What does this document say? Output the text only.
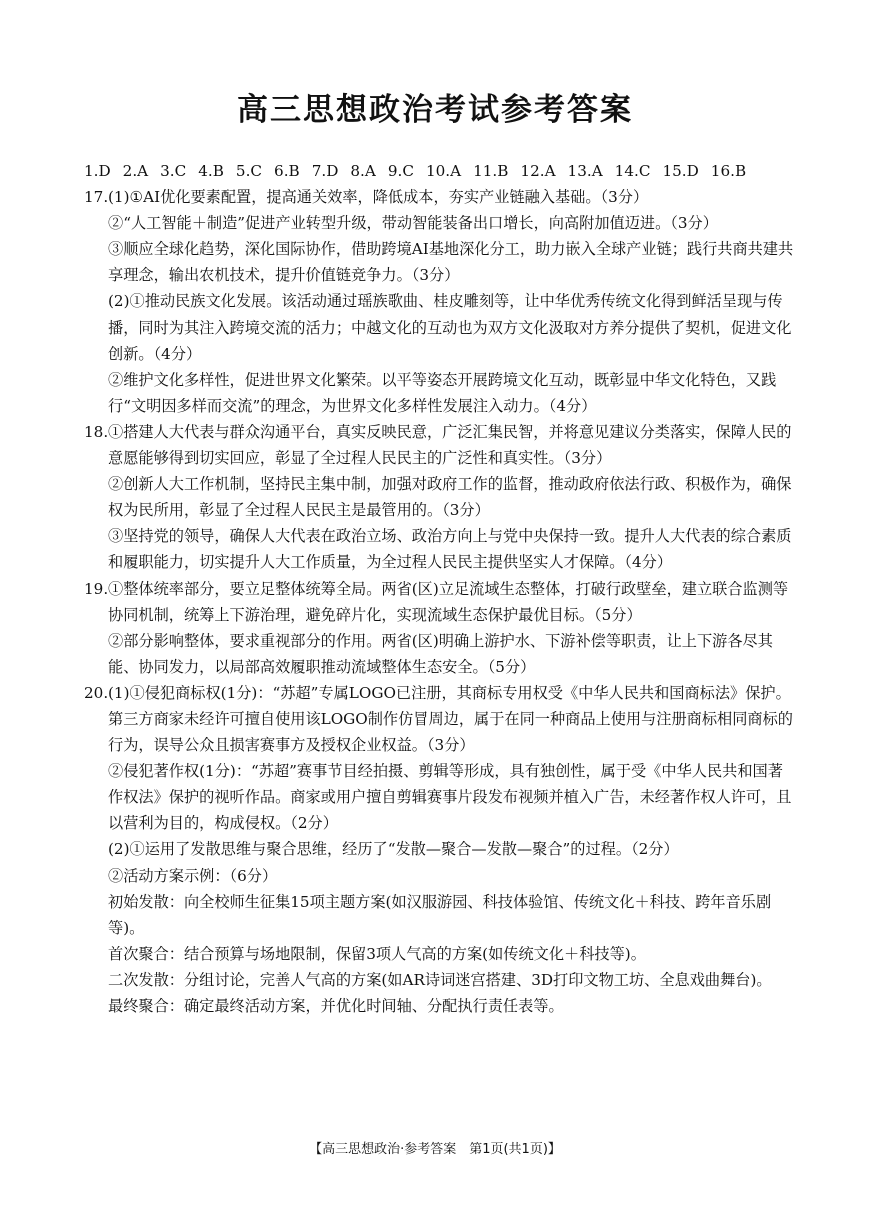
高三思想政治考试参考答案
1.D 2.A 3.C 4.B 5.C 6.B 7.D 8.A 9.C 10.A 11.B 12.A 13.A 14.C 15.D 16.B
17. (1)①AI优化要素配置，提高通关效率，降低成本，夯实产业链融入基础。（3分）
②“人工智能＋制造”促进产业转型升级，带动智能装备出口增长，向高附加值迈进。（3分）
③顺应全球化趋势，深化国际协作，借助跨境AI基地深化分工，助力嵌入全球产业链；践行共商共建共享理念，输出农机技术，提升价值链竞争力。（3分）
(2)①推动民族文化发展。该活动通过瑶族歌曲、桂皮雕刻等，让中华优秀传统文化得到鲜活呈现与传播，同时为其注入跨境交流的活力；中越文化的互动也为双方文化汲取对方养分提供了契机，促进文化创新。（4分）
②维护文化多样性，促进世界文化繁荣。以平等姿态开展跨境文化互动，既彰显中华文化特色，又践行“文明因多样而交流”的理念，为世界文化多样性发展注入动力。（4分）
18. ①搭建人大代表与群众沟通平台，真实反映民意，广泛汇集民智，并将意见建议分类落实，保障人民的意愿能够得到切实回应，彰显了全过程人民民主的广泛性和真实性。（3分）
②创新人大工作机制，坚持民主集中制，加强对政府工作的监督，推动政府依法行政、积极作为，确保权为民所用，彰显了全过程人民民主是最管用的。（3分）
③坚持党的领导，确保人大代表在政治立场、政治方向上与党中央保持一致。提升人大代表的综合素质和履职能力，切实提升人大工作质量，为全过程人民民主提供坚实人才保障。（4分）
19. ①整体统率部分，要立足整体统筹全局。两省(区)立足流域生态整体，打破行政壁垒，建立联合监测等协同机制，统筹上下游治理，避免碎片化，实现流域生态保护最优目标。（5分）
②部分影响整体，要求重视部分的作用。两省(区)明确上游护水、下游补偿等职责，让上下游各尽其能、协同发力，以局部高效履职推动流域整体生态安全。（5分）
20. (1)①侵犯商标权(1分)：“苏超”专属LOGO已注册，其商标专用权受《中华人民共和国商标法》保护。第三方商家未经许可擅自使用该LOGO制作仿冒周边，属于在同一种商品上使用与注册商标相同商标的行为，误导公众且损害赛事方及授权企业权益。（3分）
②侵犯著作权(1分)：“苏超”赛事节目经拍摄、剪辑等形成，具有独创性，属于受《中华人民共和国著作权法》保护的视听作品。商家或用户擅自剪辑赛事片段发布视频并植入广告，未经著作权人许可，且以营利为目的，构成侵权。（2分）
(2)①运用了发散思维与聚合思维，经历了“发散—聚合—发散—聚合”的过程。（2分）
②活动方案示例：（6分）
初始发散：向全校师生征集15项主题方案(如汉服游园、科技体验馆、传统文化＋科技、跨年音乐剧等)。
首次聚合：结合预算与场地限制，保留3项人气高的方案(如传统文化＋科技等)。
二次发散：分组讨论，完善人气高的方案(如AR诗词迷宫搭建、3D打印文物工坊、全息戏曲舞台)。
最终聚合：确定最终活动方案，并优化时间轴、分配执行责任表等。
【高三思想政治·参考答案　第1页(共1页)】
